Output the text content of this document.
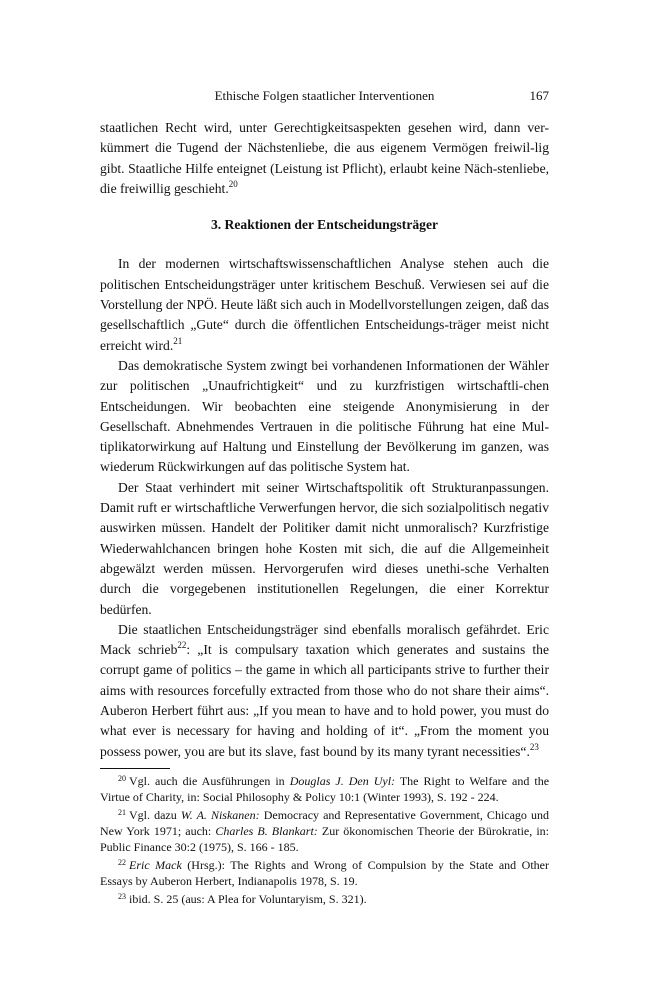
Ethische Folgen staatlicher Interventionen	167

staatlichen Recht wird, unter Gerechtigkeitsaspekten gesehen wird, dann ver-kümmert die Tugend der Nächstenliebe, die aus eigenem Vermögen freiwil-lig gibt. Staatliche Hilfe enteignet (Leistung ist Pflicht), erlaubt keine Näch-stenliebe, die freiwillig geschieht.$^{20}$

3. Reaktionen der Entscheidungsträger

In der modernen wirtschaftswissenschaftlichen Analyse stehen auch die politischen Entscheidungsträger unter kritischem Beschuß. Verwiesen sei auf die Vorstellung der NPÖ. Heute läßt sich auch in Modellvorstellungen zeigen, daß das gesellschaftlich „Gute“ durch die öffentlichen Entscheidungs-träger meist nicht erreicht wird.$^{21}$

Das demokratische System zwingt bei vorhandenen Informationen der Wähler zur politischen „Unaufrichtigkeit“ und zu kurzfristigen wirtschaftli-chen Entscheidungen. Wir beobachten eine steigende Anonymisierung in der Gesellschaft. Abnehmendes Vertrauen in die politische Führung hat eine Mul-tiplikatorwirkung auf Haltung und Einstellung der Bevölkerung im ganzen, was wiederum Rückwirkungen auf das politische System hat.

Der Staat verhindert mit seiner Wirtschaftspolitik oft Strukturanpassungen. Damit ruft er wirtschaftliche Verwerfungen hervor, die sich sozialpolitisch negativ auswirken müssen. Handelt der Politiker damit nicht unmoralisch? Kurzfristige Wiederwahlchancen bringen hohe Kosten mit sich, die auf die Allgemeinheit abgewälzt werden müssen. Hervorgerufen wird dieses unethi-sche Verhalten durch die vorgegebenen institutionellen Regelungen, die einer Korrektur bedürfen.

Die staatlichen Entscheidungsträger sind ebenfalls moralisch gefährdet. Eric Mack schrieb$^{22}$: „It is compulsary taxation which generates and sustains the corrupt game of politics – the game in which all participants strive to further their aims with resources forcefully extracted from those who do not share their aims“. Auberon Herbert führt aus: „If you mean to have and to hold power, you must do what ever is necessary for having and holding of it“. „From the moment you possess power, you are but its slave, fast bound by its many tyrant necessities“.$^{23}$

$^{20}$ Vgl. auch die Ausführungen in Douglas J. Den Uyl: The Right to Welfare and the Virtue of Charity, in: Social Philosophy & Policy 10:1 (Winter 1993), S. 192 - 224.

$^{21}$ Vgl. dazu W. A. Niskanen: Democracy and Representative Government, Chicago und New York 1971; auch: Charles B. Blankart: Zur ökonomischen Theorie der Bürokratie, in: Public Finance 30:2 (1975), S. 166 - 185.

$^{22}$ Eric Mack (Hrsg.): The Rights and Wrong of Compulsion by the State and Other Essays by Auberon Herbert, Indianapolis 1978, S. 19.

$^{23}$ ibid. S. 25 (aus: A Plea for Voluntaryism, S. 321).
